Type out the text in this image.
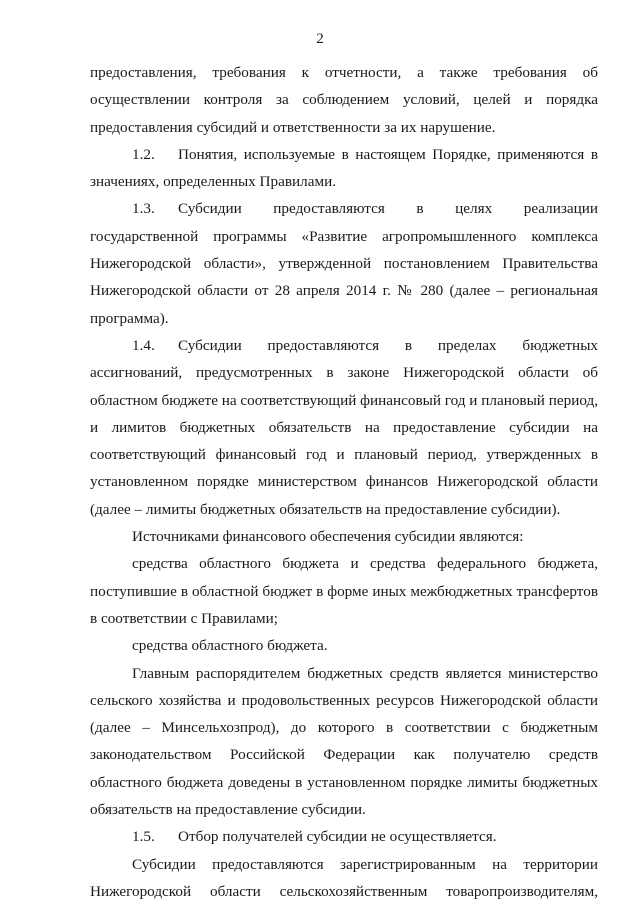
2

предоставления, требования к отчетности, а также требования об осуществлении контроля за соблюдением условий, целей и порядка предоставления субсидий и ответственности за их нарушение.

1.2. Понятия, используемые в настоящем Порядке, применяются в значениях, определенных Правилами.

1.3. Субсидии предоставляются в целях реализации государственной программы «Развитие агропромышленного комплекса Нижегородской области», утвержденной постановлением Правительства Нижегородской области от 28 апреля 2014 г. № 280 (далее – региональная программа).

1.4. Субсидии предоставляются в пределах бюджетных ассигнований, предусмотренных в законе Нижегородской области об областном бюджете на соответствующий финансовый год и плановый период, и лимитов бюджетных обязательств на предоставление субсидии на соответствующий финансовый год и плановый период, утвержденных в установленном порядке министерством финансов Нижегородской области (далее – лимиты бюджетных обязательств на предоставление субсидии).

Источниками финансового обеспечения субсидии являются:

средства областного бюджета и средства федерального бюджета, поступившие в областной бюджет в форме иных межбюджетных трансфертов в соответствии с Правилами;

средства областного бюджета.

Главным распорядителем бюджетных средств является министерство сельского хозяйства и продовольственных ресурсов Нижегородской области (далее – Минсельхозпрод), до которого в соответствии с бюджетным законодательством Российской Федерации как получателю средств областного бюджета доведены в установленном порядке лимиты бюджетных обязательств на предоставление субсидии.

1.5. Отбор получателей субсидии не осуществляется.

Субсидии предоставляются зарегистрированным на территории Нижегородской области сельскохозяйственным товаропроизводителям,
